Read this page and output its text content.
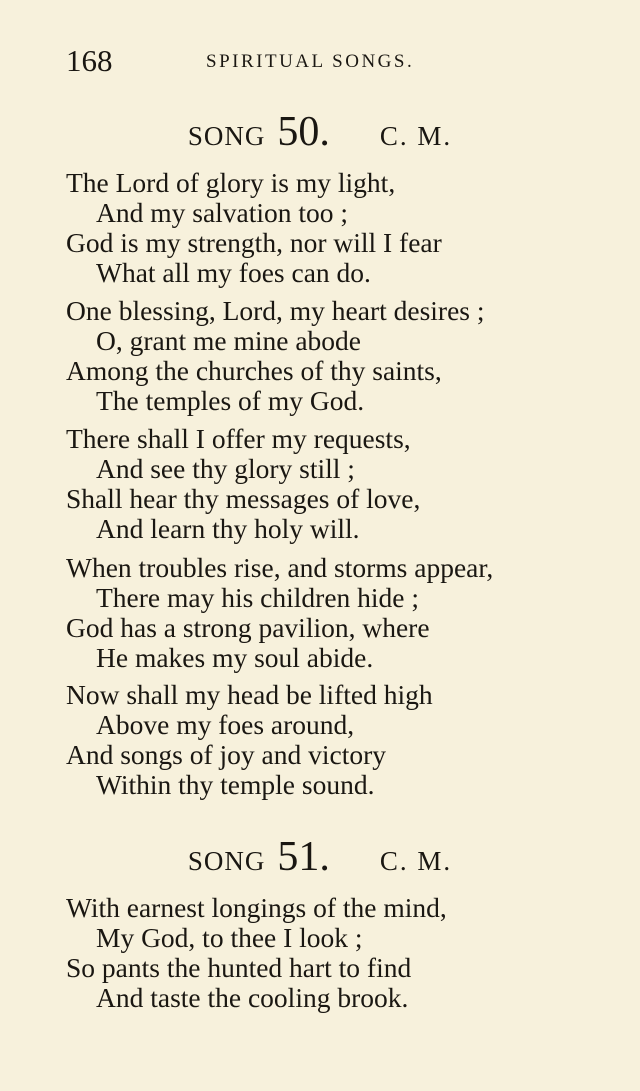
168	SPIRITUAL SONGS.
SONG 50. C. M.
The Lord of glory is my light,
And my salvation too ;
God is my strength, nor will I fear
What all my foes can do.
One blessing, Lord, my heart desires ;
O, grant me mine abode
Among the churches of thy saints,
The temples of my God.
There shall I offer my requests,
And see thy glory still ;
Shall hear thy messages of love,
And learn thy holy will.
When troubles rise, and storms appear,
There may his children hide ;
God has a strong pavilion, where
He makes my soul abide.
Now shall my head be lifted high
Above my foes around,
And songs of joy and victory
Within thy temple sound.
SONG 51. C. M.
With earnest longings of the mind,
My God, to thee I look ;
So pants the hunted hart to find
And taste the cooling brook.
